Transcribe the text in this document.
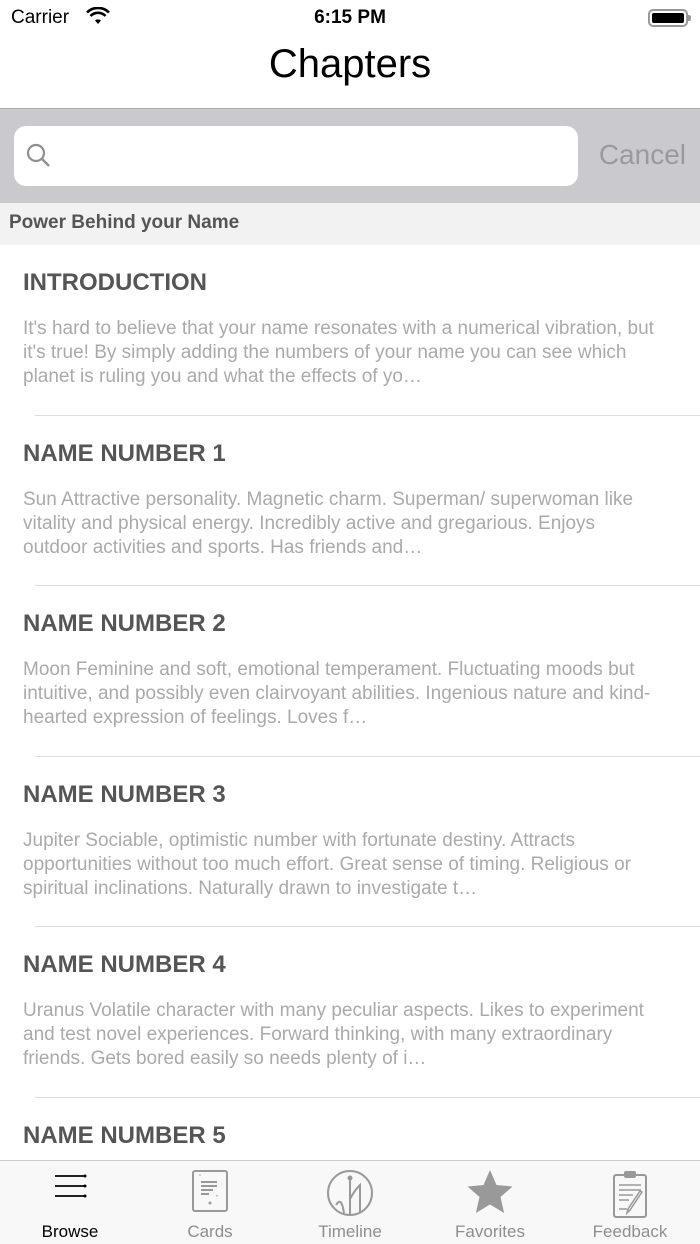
Carrier	6:15 PM
Chapters
Cancel
Power Behind your Name
INTRODUCTION

It's hard to believe that your name resonates with a numerical vibration, but it's true! By simply adding the numbers of your name you can see which planet is ruling you and what the effects of yo…

NAME NUMBER 1

Sun Attractive personality. Magnetic charm. Superman/ superwoman like vitality and physical energy. Incredibly active and gregarious. Enjoys outdoor activities and sports. Has friends and…

NAME NUMBER 2

Moon Feminine and soft, emotional temperament. Fluctuating moods but intuitive, and possibly even clairvoyant abilities. Ingenious nature and kind-hearted expression of feelings. Loves f…

NAME NUMBER 3

Jupiter Sociable, optimistic number with fortunate destiny. Attracts opportunities without too much effort. Great sense of timing. Religious or spiritual inclinations. Naturally drawn to investigate t…

NAME NUMBER 4

Uranus Volatile character with many peculiar aspects. Likes to experiment and test novel experiences. Forward thinking, with many extraordinary friends. Gets bored easily so needs plenty of i…

NAME NUMBER 5

Browse
“
”
Cards	Timeline	Favorites	Feedback
